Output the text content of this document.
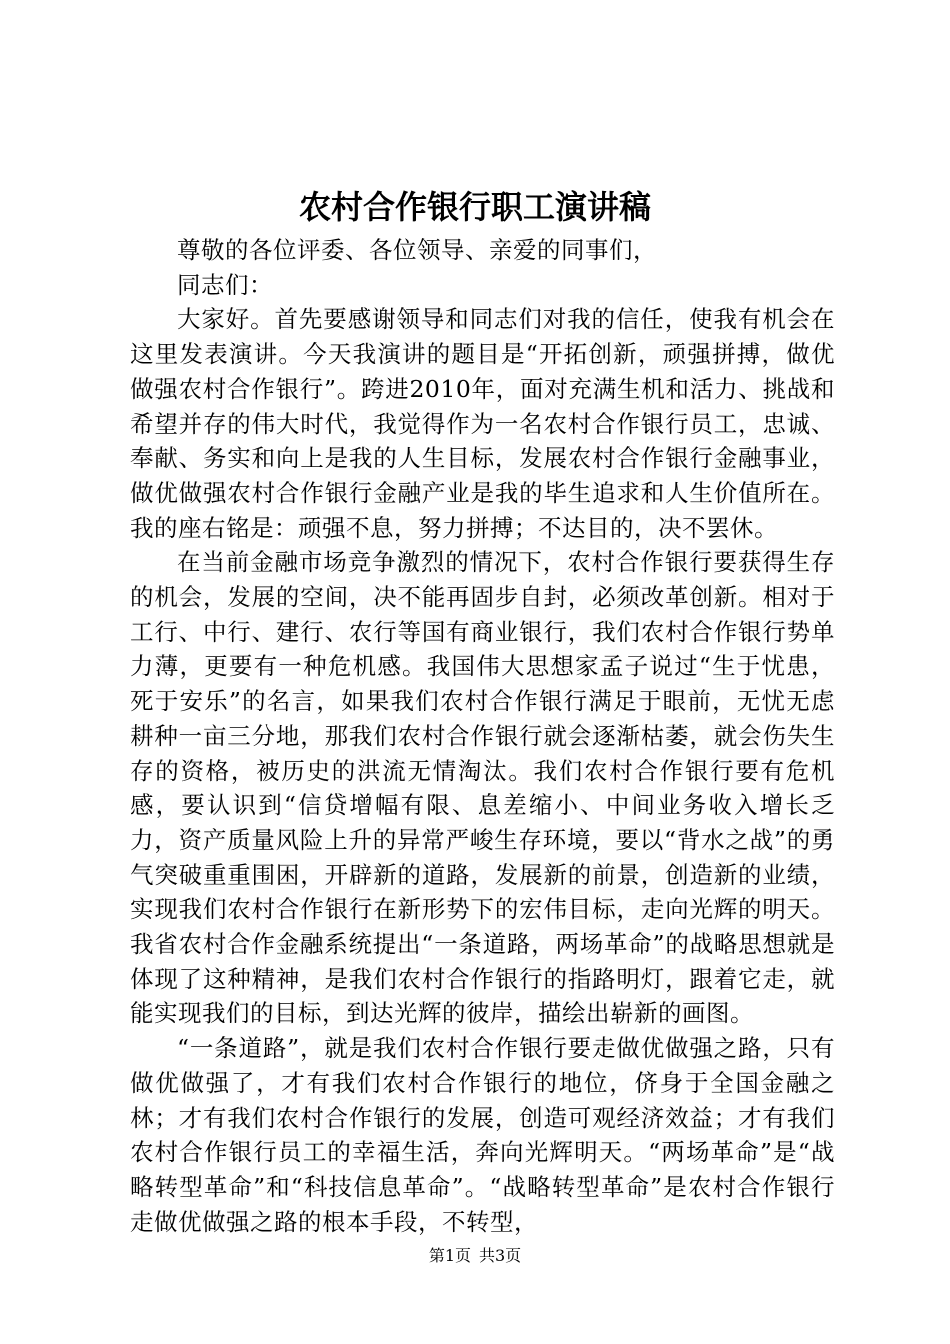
农村合作银行职工演讲稿

尊敬的各位评委、各位领导、亲爱的同事们，

同志们：

大家好。首先要感谢领导和同志们对我的信任，使我有机会在这里发表演讲。今天我演讲的题目是“开拓创新，顽强拼搏，做优做强农村合作银行”。跨进2010年，面对充满生机和活力、挑战和希望并存的伟大时代，我觉得作为一名农村合作银行员工，忠诚、奉献、务实和向上是我的人生目标，发展农村合作银行金融事业，做优做强农村合作银行金融产业是我的毕生追求和人生价值所在。我的座右铭是：顽强不息，努力拼搏；不达目的，决不罢休。

在当前金融市场竞争激烈的情况下，农村合作银行要获得生存的机会，发展的空间，决不能再固步自封，必须改革创新。相对于工行、中行、建行、农行等国有商业银行，我们农村合作银行势单力薄，更要有一种危机感。我国伟大思想家孟子说过“生于忧患，死于安乐”的名言，如果我们农村合作银行满足于眼前，无忧无虑耕种一亩三分地，那我们农村合作银行就会逐渐枯萎，就会伤失生存的资格，被历史的洪流无情淘汰。我们农村合作银行要有危机感，要认识到“信贷增幅有限、息差缩小、中间业务收入增长乏力，资产质量风险上升的异常严峻生存环境，要以“背水之战”的勇气突破重重围困，开辟新的道路，发展新的前景，创造新的业绩，实现我们农村合作银行在新形势下的宏伟目标，走向光辉的明天。我省农村合作金融系统提出“一条道路，两场革命”的战略思想就是体现了这种精神，是我们农村合作银行的指路明灯，跟着它走，就能实现我们的目标，到达光辉的彼岸，描绘出崭新的画图。

“一条道路”，就是我们农村合作银行要走做优做强之路，只有做优做强了，才有我们农村合作银行的地位，侪身于全国金融之林；才有我们农村合作银行的发展，创造可观经济效益；才有我们农村合作银行员工的幸福生活，奔向光辉明天。“两场革命”是“战略转型革命”和“科技信息革命”。“战略转型革命”是农村合作银行走做优做强之路的根本手段，不转型，

第1页 共3页
